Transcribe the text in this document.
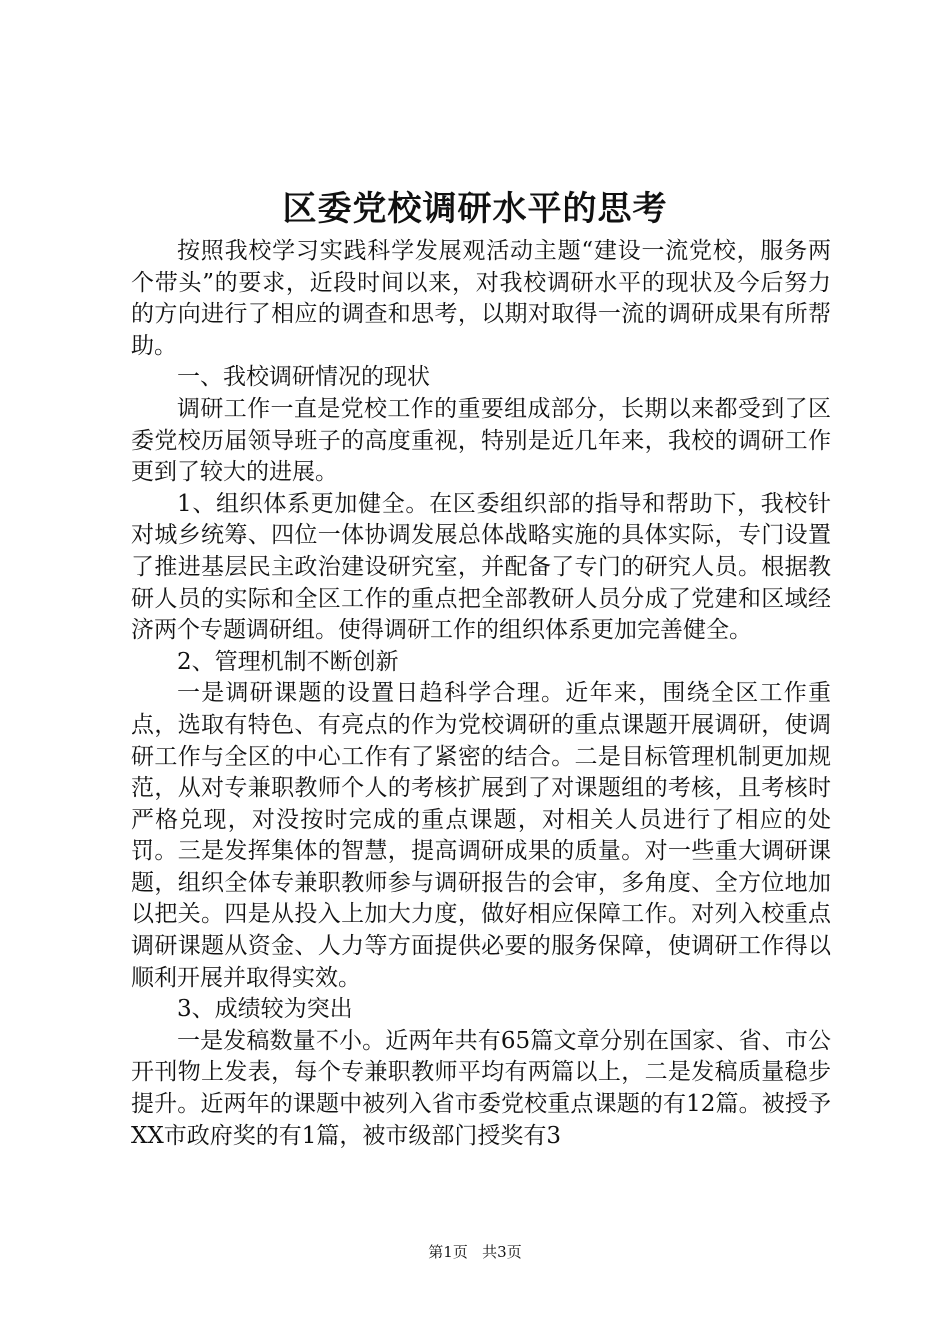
区委党校调研水平的思考

按照我校学习实践科学发展观活动主题“建设一流党校，服务两个带头”的要求，近段时间以来，对我校调研水平的现状及今后努力的方向进行了相应的调查和思考，以期对取得一流的调研成果有所帮助。

一、我校调研情况的现状

调研工作一直是党校工作的重要组成部分，长期以来都受到了区委党校历届领导班子的高度重视，特别是近几年来，我校的调研工作更到了较大的进展。

1、组织体系更加健全。在区委组织部的指导和帮助下，我校针对城乡统筹、四位一体协调发展总体战略实施的具体实际，专门设置了推进基层民主政治建设研究室，并配备了专门的研究人员。根据教研人员的实际和全区工作的重点把全部教研人员分成了党建和区域经济两个专题调研组。使得调研工作的组织体系更加完善健全。

2、管理机制不断创新

一是调研课题的设置日趋科学合理。近年来，围绕全区工作重点，选取有特色、有亮点的作为党校调研的重点课题开展调研，使调研工作与全区的中心工作有了紧密的结合。二是目标管理机制更加规范，从对专兼职教师个人的考核扩展到了对课题组的考核，且考核时严格兑现，对没按时完成的重点课题，对相关人员进行了相应的处罚。三是发挥集体的智慧，提高调研成果的质量。对一些重大调研课题，组织全体专兼职教师参与调研报告的会审，多角度、全方位地加以把关。四是从投入上加大力度，做好相应保障工作。对列入校重点调研课题从资金、人力等方面提供必要的服务保障，使调研工作得以顺利开展并取得实效。

3、成绩较为突出

一是发稿数量不小。近两年共有65篇文章分别在国家、省、市公开刊物上发表，每个专兼职教师平均有两篇以上，二是发稿质量稳步提升。近两年的课题中被列入省市委党校重点课题的有12篇。被授予XX市政府奖的有1篇，被市级部门授奖有3

第1页 共3页
